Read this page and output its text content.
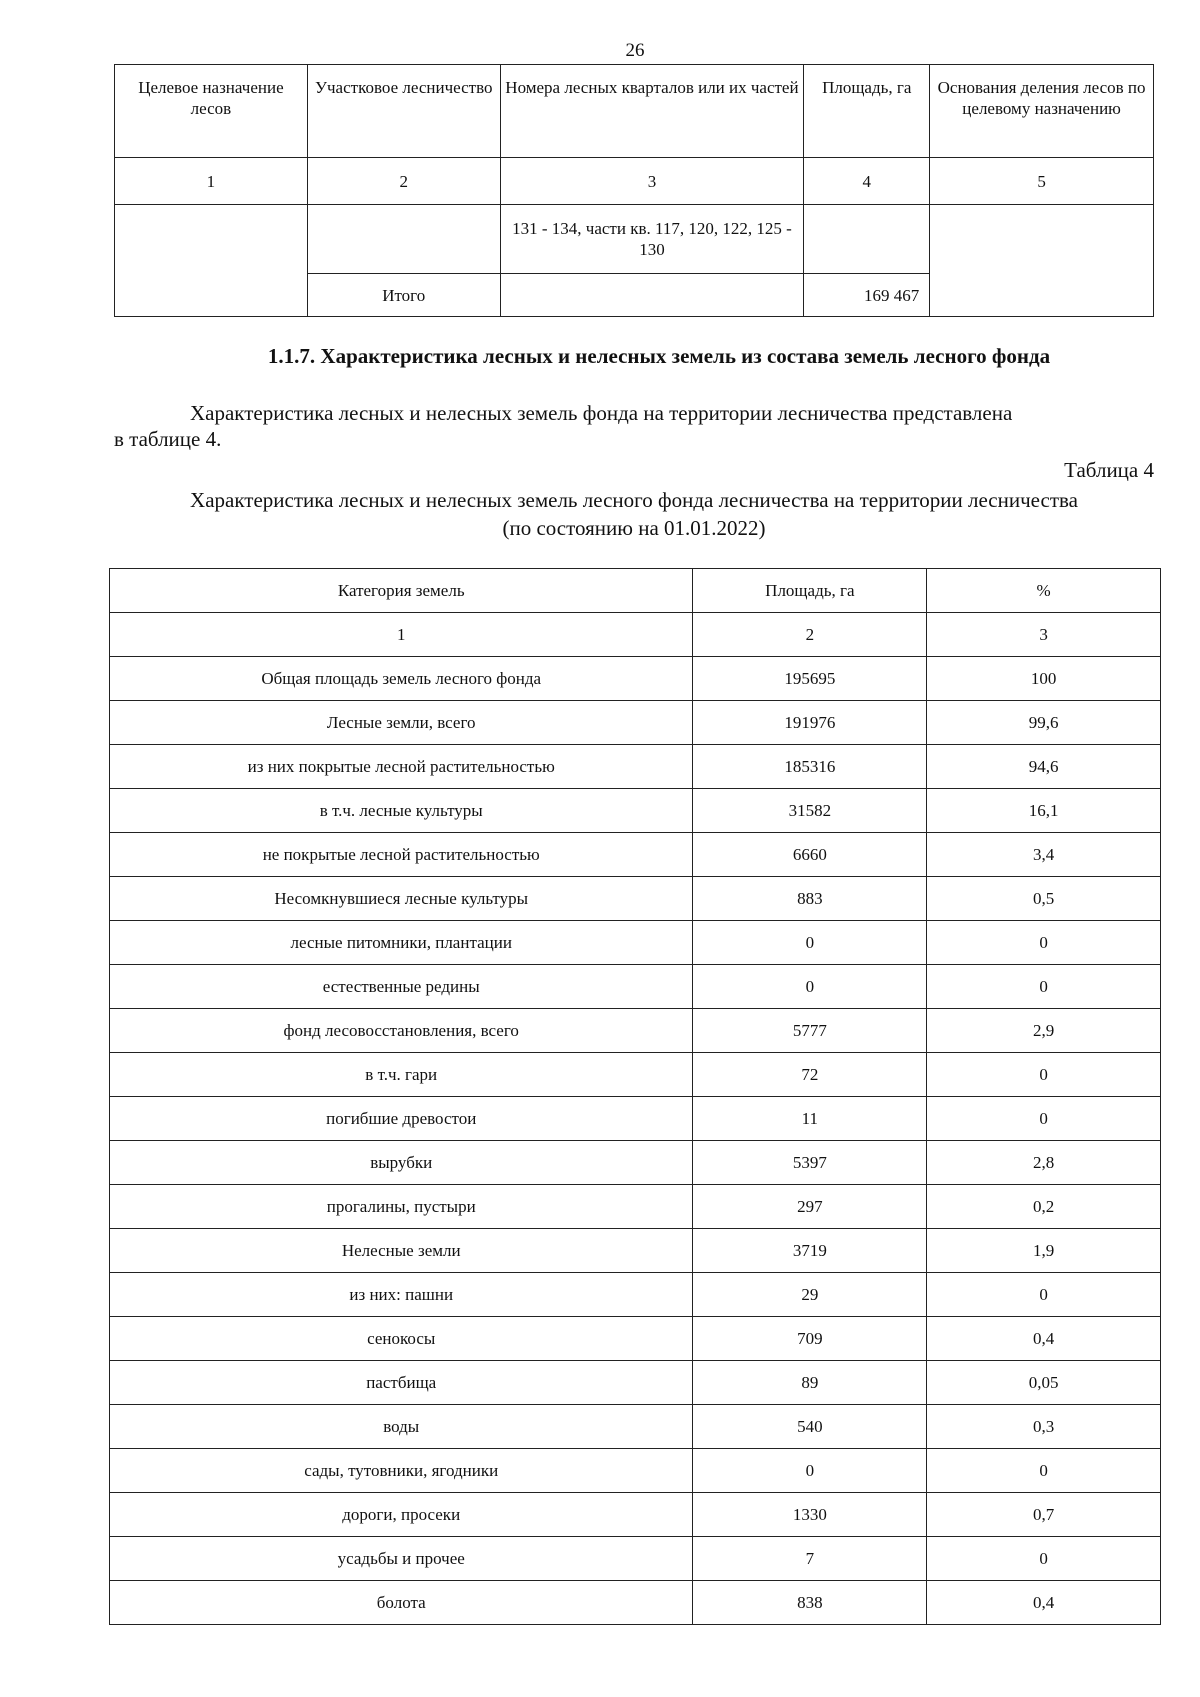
26
Целевое назначение лесов	Участковое лесничество	Номера лесных кварталов или их частей	Площадь, га	Основания деления лесов по целевому назначению
1	2	3	4	5
		131 - 134, части кв. 117, 120, 122, 125 - 130		
	Итого		169 467	
1.1.7. Характеристика лесных и нелесных земель из состава земель лесного фонда
Характеристика лесных и нелесных земель фонда на территории лесничества представлена
в таблице 4.
Таблица 4
Характеристика лесных и нелесных земель лесного фонда лесничества на территории лесничества
(по состоянию на 01.01.2022)
Категория земель	Площадь, га	%
1	2	3
Общая площадь земель лесного фонда	195695	100
Лесные земли, всего	191976	99,6
из них покрытые лесной растительностью	185316	94,6
в т.ч. лесные культуры	31582	16,1
не покрытые лесной растительностью	6660	3,4
Несомкнувшиеся лесные культуры	883	0,5
лесные питомники, плантации	0	0
естественные редины	0	0
фонд лесовосстановления, всего	5777	2,9
в т.ч. гари	72	0
погибшие древостои	11	0
вырубки	5397	2,8
прогалины, пустыри	297	0,2
Нелесные земли	3719	1,9
из них: пашни	29	0
сенокосы	709	0,4
пастбища	89	0,05
воды	540	0,3
сады, тутовники, ягодники	0	0
дороги, просеки	1330	0,7
усадьбы и прочее	7	0
болота	838	0,4
